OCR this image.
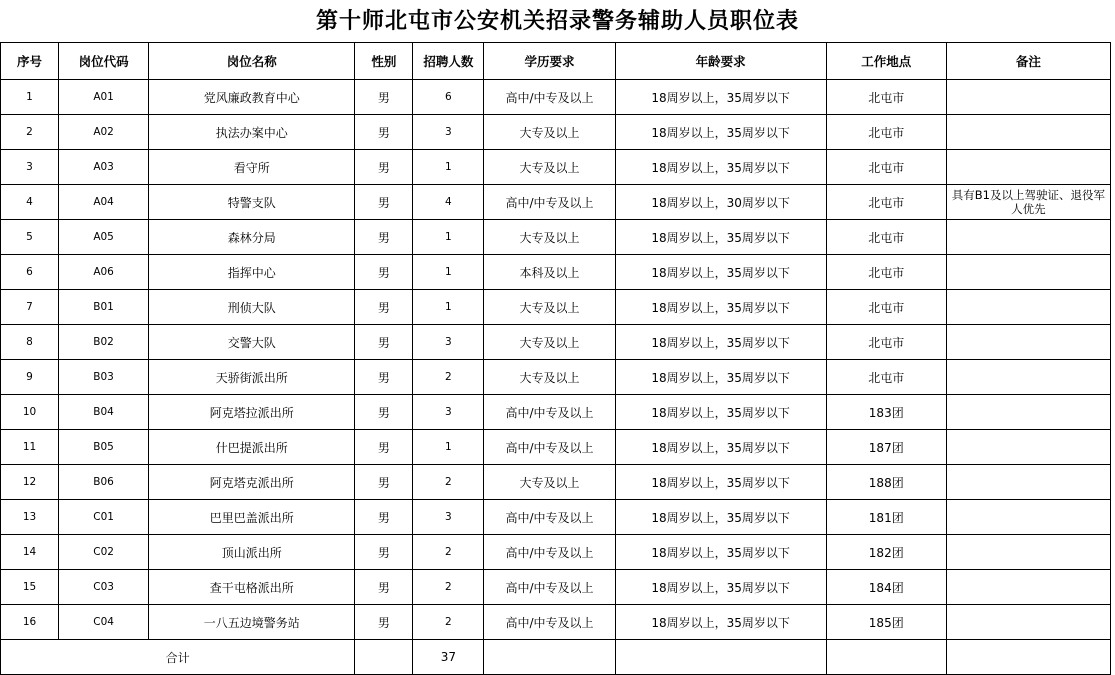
第十师北屯市公安机关招录警务辅助人员职位表
序号	岗位代码	岗位名称	性别	招聘人数	学历要求	年龄要求	工作地点	备注
1	A01	党风廉政教育中心	男	6	高中/中专及以上	18周岁以上，35周岁以下	北屯市	
2	A02	执法办案中心	男	3	大专及以上	18周岁以上，35周岁以下	北屯市	
3	A03	看守所	男	1	大专及以上	18周岁以上，35周岁以下	北屯市	
4	A04	特警支队	男	4	高中/中专及以上	18周岁以上，30周岁以下	北屯市	具有B1及以上驾驶证、退役军人优先
5	A05	森林分局	男	1	大专及以上	18周岁以上，35周岁以下	北屯市	
6	A06	指挥中心	男	1	本科及以上	18周岁以上，35周岁以下	北屯市	
7	B01	刑侦大队	男	1	大专及以上	18周岁以上，35周岁以下	北屯市	
8	B02	交警大队	男	3	大专及以上	18周岁以上，35周岁以下	北屯市	
9	B03	天骄街派出所	男	2	大专及以上	18周岁以上，35周岁以下	北屯市	
10	B04	阿克塔拉派出所	男	3	高中/中专及以上	18周岁以上，35周岁以下	183团	
11	B05	什巴提派出所	男	1	高中/中专及以上	18周岁以上，35周岁以下	187团	
12	B06	阿克塔克派出所	男	2	大专及以上	18周岁以上，35周岁以下	188团	
13	C01	巴里巴盖派出所	男	3	高中/中专及以上	18周岁以上，35周岁以下	181团	
14	C02	顶山派出所	男	2	高中/中专及以上	18周岁以上，35周岁以下	182团	
15	C03	查干屯格派出所	男	2	高中/中专及以上	18周岁以上，35周岁以下	184团	
16	C04	一八五边境警务站	男	2	高中/中专及以上	18周岁以上，35周岁以下	185团	
合计				37				
